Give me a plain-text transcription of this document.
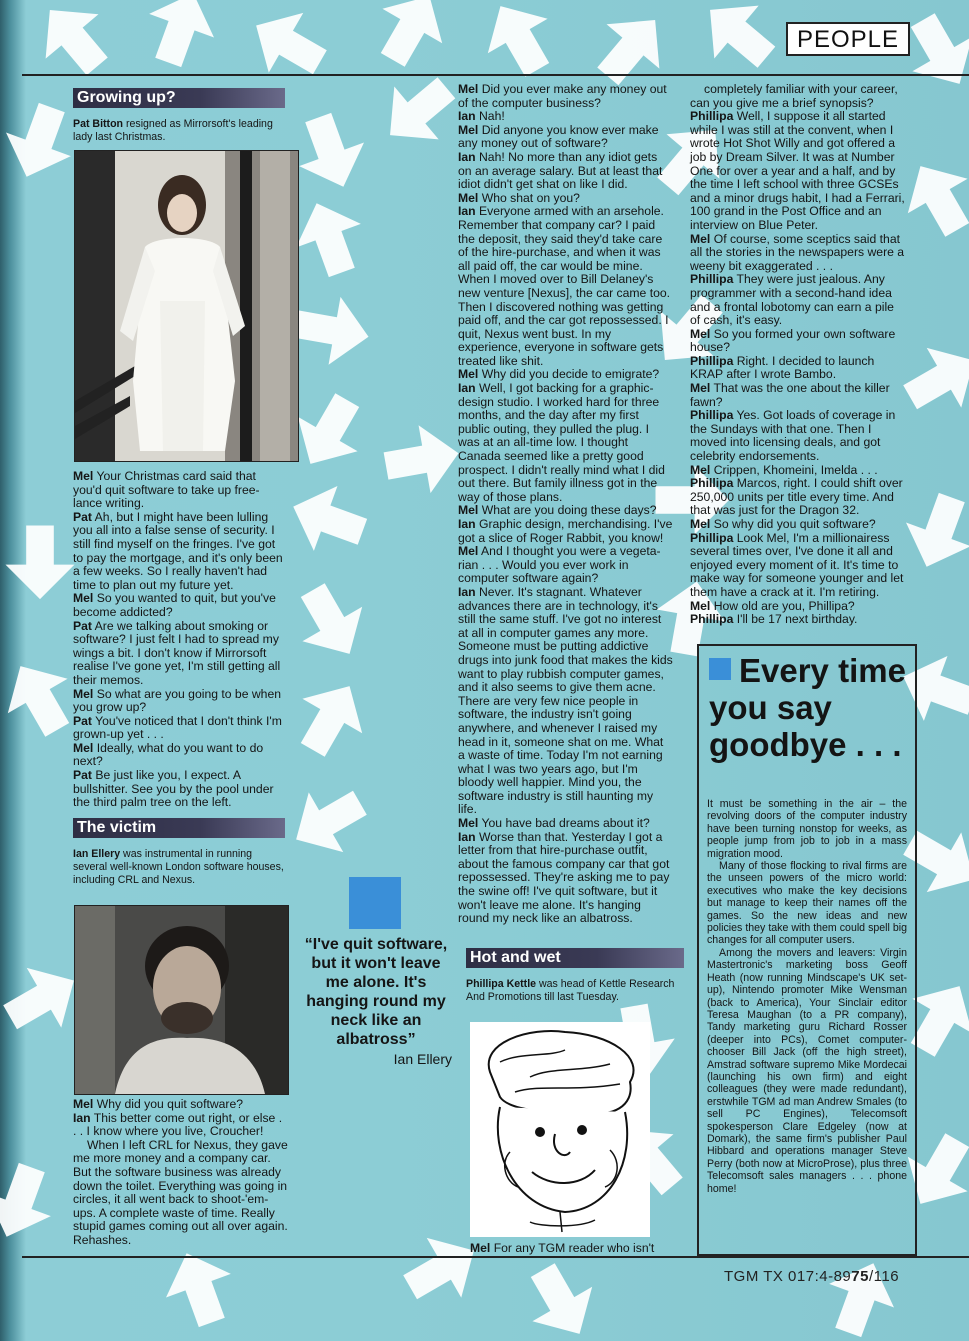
PEOPLE
Growing up?
Pat Bitton resigned as Mirrorsoft's leading lady last Christmas.

Mel Your Christmas card said that you'd quit software to take up free-lance writing.

Pat Ah, but I might have been lulling you all into a false sense of security. I still find myself on the fringes. I've got to pay the mortgage, and it's only been a few weeks. So I really haven't had time to plan out my future yet.

Mel So you wanted to quit, but you've become addicted?

Pat Are we talking about smoking or software? I just felt I had to spread my wings a bit. I don't know if Mirrorsoft realise I've gone yet, I'm still getting all their memos.

Mel So what are you going to be when you grow up?

Pat You've noticed that I don't think I'm grown-up yet . . .

Mel Ideally, what do you want to do next?

Pat Be just like you, I expect. A bullshitter. See you by the pool under the third palm tree on the left.

The victim
Ian Ellery was instrumental in running several well-known London software houses, including CRL and Nexus.

Mel Why did you quit software?

Ian This better come out right, or else . . . I know where you live, Croucher!

When I left CRL for Nexus, they gave me more money and a company car. But the software business was already down the toilet. Everything was going in circles, it all went back to shoot-'em-ups. A complete waste of time. Really stupid games coming out all over again. Rehashes.

“I've quit software, but it won't leave me alone. It's hanging round my neck like an albatross”
Ian Ellery

Mel Did you ever make any money out of the computer business?

Ian Nah!

Mel Did anyone you know ever make any money out of software?

Ian Nah! No more than any idiot gets on an average salary. But at least that idiot didn't get shat on like I did.

Mel Who shat on you?

Ian Everyone armed with an arsehole. Remember that company car? I paid the deposit, they said they'd take care of the hire-purchase, and when it was all paid off, the car would be mine. When I moved over to Bill Delaney's new venture [Nexus], the car came too. Then I discovered nothing was getting paid off, and the car got repossessed. I quit, Nexus went bust. In my experience, everyone in software gets treated like shit.

Mel Why did you decide to emigrate?

Ian Well, I got backing for a graphic-design studio. I worked hard for three months, and the day after my first public outing, they pulled the plug. I was at an all-time low. I thought Canada seemed like a pretty good prospect. I didn't really mind what I did out there. But family illness got in the way of those plans.

Mel What are you doing these days?

Ian Graphic design, merchandising. I've got a slice of Roger Rabbit, you know!

Mel And I thought you were a vegeta-rian . . . Would you ever work in computer software again?

Ian Never. It's stagnant. Whatever advances there are in technology, it's still the same stuff. I've got no interest at all in computer games any more. Someone must be putting addictive drugs into junk food that makes the kids want to play rubbish computer games, and it also seems to give them acne. There are very few nice people in software, the industry isn't going anywhere, and whenever I raised my head in it, someone shat on me. What a waste of time. Today I'm not earning what I was two years ago, but I'm bloody well happier. Mind you, the software industry is still haunting my life.

Mel You have bad dreams about it?

Ian Worse than that. Yesterday I got a letter from that hire-purchase outfit, about the famous company car that got repossessed. They're asking me to pay the swine off! I've quit software, but it won't leave me alone. It's hanging round my neck like an albatross.

Hot and wet
Phillipa Kettle was head of Kettle Research And Promotions till last Tuesday.

Mel For any TGM reader who isn't

completely familiar with your career, can you give me a brief synopsis?

Phillipa Well, I suppose it all started while I was still at the convent, when I wrote Hot Shot Willy and got offered a job by Dream Silver. It was at Number One for over a year and a half, and by the time I left school with three GCSEs and a minor drugs habit, I had a Ferrari, 100 grand in the Post Office and an interview on Blue Peter.

Mel Of course, some sceptics said that all the stories in the newspapers were a weeny bit exaggerated . . .

Phillipa They were just jealous. Any programmer with a second-hand idea and a frontal lobotomy can earn a pile of cash, it's easy.

Mel So you formed your own software house?

Phillipa Right. I decided to launch KRAP after I wrote Bambo.

Mel That was the one about the killer fawn?

Phillipa Yes. Got loads of coverage in the Sundays with that one. Then I moved into licensing deals, and got celebrity endorsements.

Mel Crippen, Khomeini, Imelda . . .

Phillipa Marcos, right. I could shift over 250,000 units per title every time. And that was just for the Dragon 32.

Mel So why did you quit software?

Phillipa Look Mel, I'm a millionairess several times over, I've done it all and enjoyed every moment of it. It's time to make way for someone younger and let them have a crack at it. I'm retiring.

Mel How old are you, Phillipa?

Phillipa I'll be 17 next birthday.

Every time you say goodbye . . .

It must be something in the air – the revolving doors of the computer industry have been turning nonstop for weeks, as people jump from job to job in a mass migration mood.

Many of those flocking to rival firms are the unseen powers of the micro world: executives who make the key decisions but manage to keep their names off the games. So the new ideas and new policies they take with them could spell big changes for all computer users.

Among the movers and leavers: Virgin Mastertronic's marketing boss Geoff Heath (now running Mindscape's UK set-up), Nintendo promoter Mike Wensman (back to America), Your Sinclair editor Teresa Maughan (to a PR company), Tandy marketing guru Richard Rosser (deeper into PCs), Comet computer-chooser Bill Jack (off the high street), Amstrad software supremo Mike Mordecai (launching his own firm) and eight colleagues (they were made redundant), erstwhile TGM ad man Andrew Smales (to sell PC Engines), Telecomsoft spokesperson Clare Edgeley (now at Domark), the same firm's publisher Paul Hibbard and operations manager Steve Perry (both now at MicroProse), plus three Telecomsoft sales managers . . . phone home!

TGM TX 017:4-8975/116
